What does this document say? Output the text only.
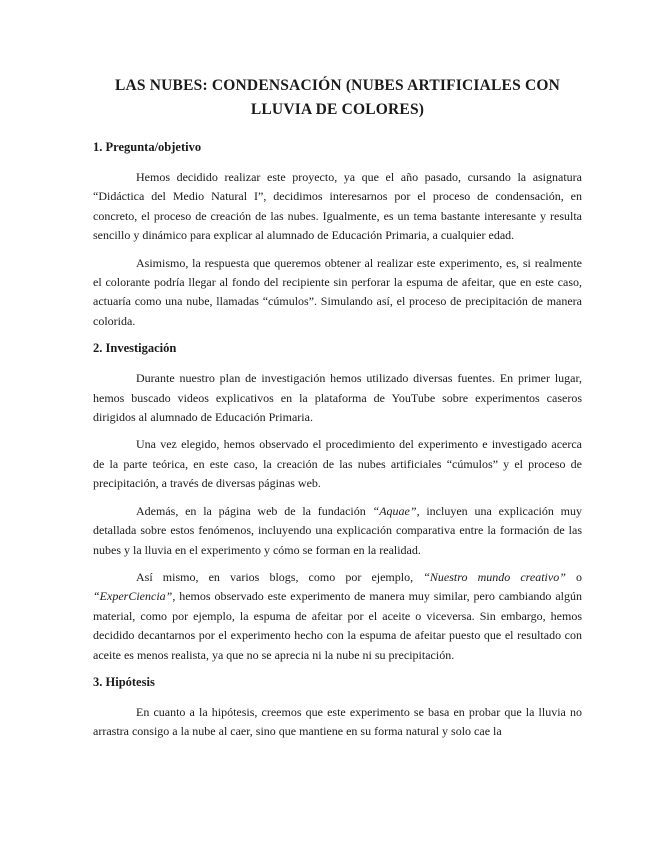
LAS NUBES: CONDENSACIÓN (NUBES ARTIFICIALES CON LLUVIA DE COLORES)
1. Pregunta/objetivo

Hemos decidido realizar este proyecto, ya que el año pasado, cursando la asignatura “Didáctica del Medio Natural I”, decidimos interesarnos por el proceso de condensación, en concreto, el proceso de creación de las nubes. Igualmente, es un tema bastante interesante y resulta sencillo y dinámico para explicar al alumnado de Educación Primaria, a cualquier edad.

Asimismo, la respuesta que queremos obtener al realizar este experimento, es, si realmente el colorante podría llegar al fondo del recipiente sin perforar la espuma de afeitar, que en este caso, actuaría como una nube, llamadas “cúmulos”. Simulando así, el proceso de precipitación de manera colorida.

2. Investigación

Durante nuestro plan de investigación hemos utilizado diversas fuentes. En primer lugar, hemos buscado videos explicativos en la plataforma de YouTube sobre experimentos caseros dirigidos al alumnado de Educación Primaria.

Una vez elegido, hemos observado el procedimiento del experimento e investigado acerca de la parte teórica, en este caso, la creación de las nubes artificiales “cúmulos” y el proceso de precipitación, a través de diversas páginas web.

Además, en la página web de la fundación “Aquae”, incluyen una explicación muy detallada sobre estos fenómenos, incluyendo una explicación comparativa entre la formación de las nubes y la lluvia en el experimento y cómo se forman en la realidad.

Así mismo, en varios blogs, como por ejemplo, “Nuestro mundo creativo” o “ExperCiencia”, hemos observado este experimento de manera muy similar, pero cambiando algún material, como por ejemplo, la espuma de afeitar por el aceite o viceversa. Sin embargo, hemos decidido decantarnos por el experimento hecho con la espuma de afeitar puesto que el resultado con aceite es menos realista, ya que no se aprecia ni la nube ni su precipitación.

3. Hipótesis

En cuanto a la hipótesis, creemos que este experimento se basa en probar que la lluvia no arrastra consigo a la nube al caer, sino que mantiene en su forma natural y solo cae la
